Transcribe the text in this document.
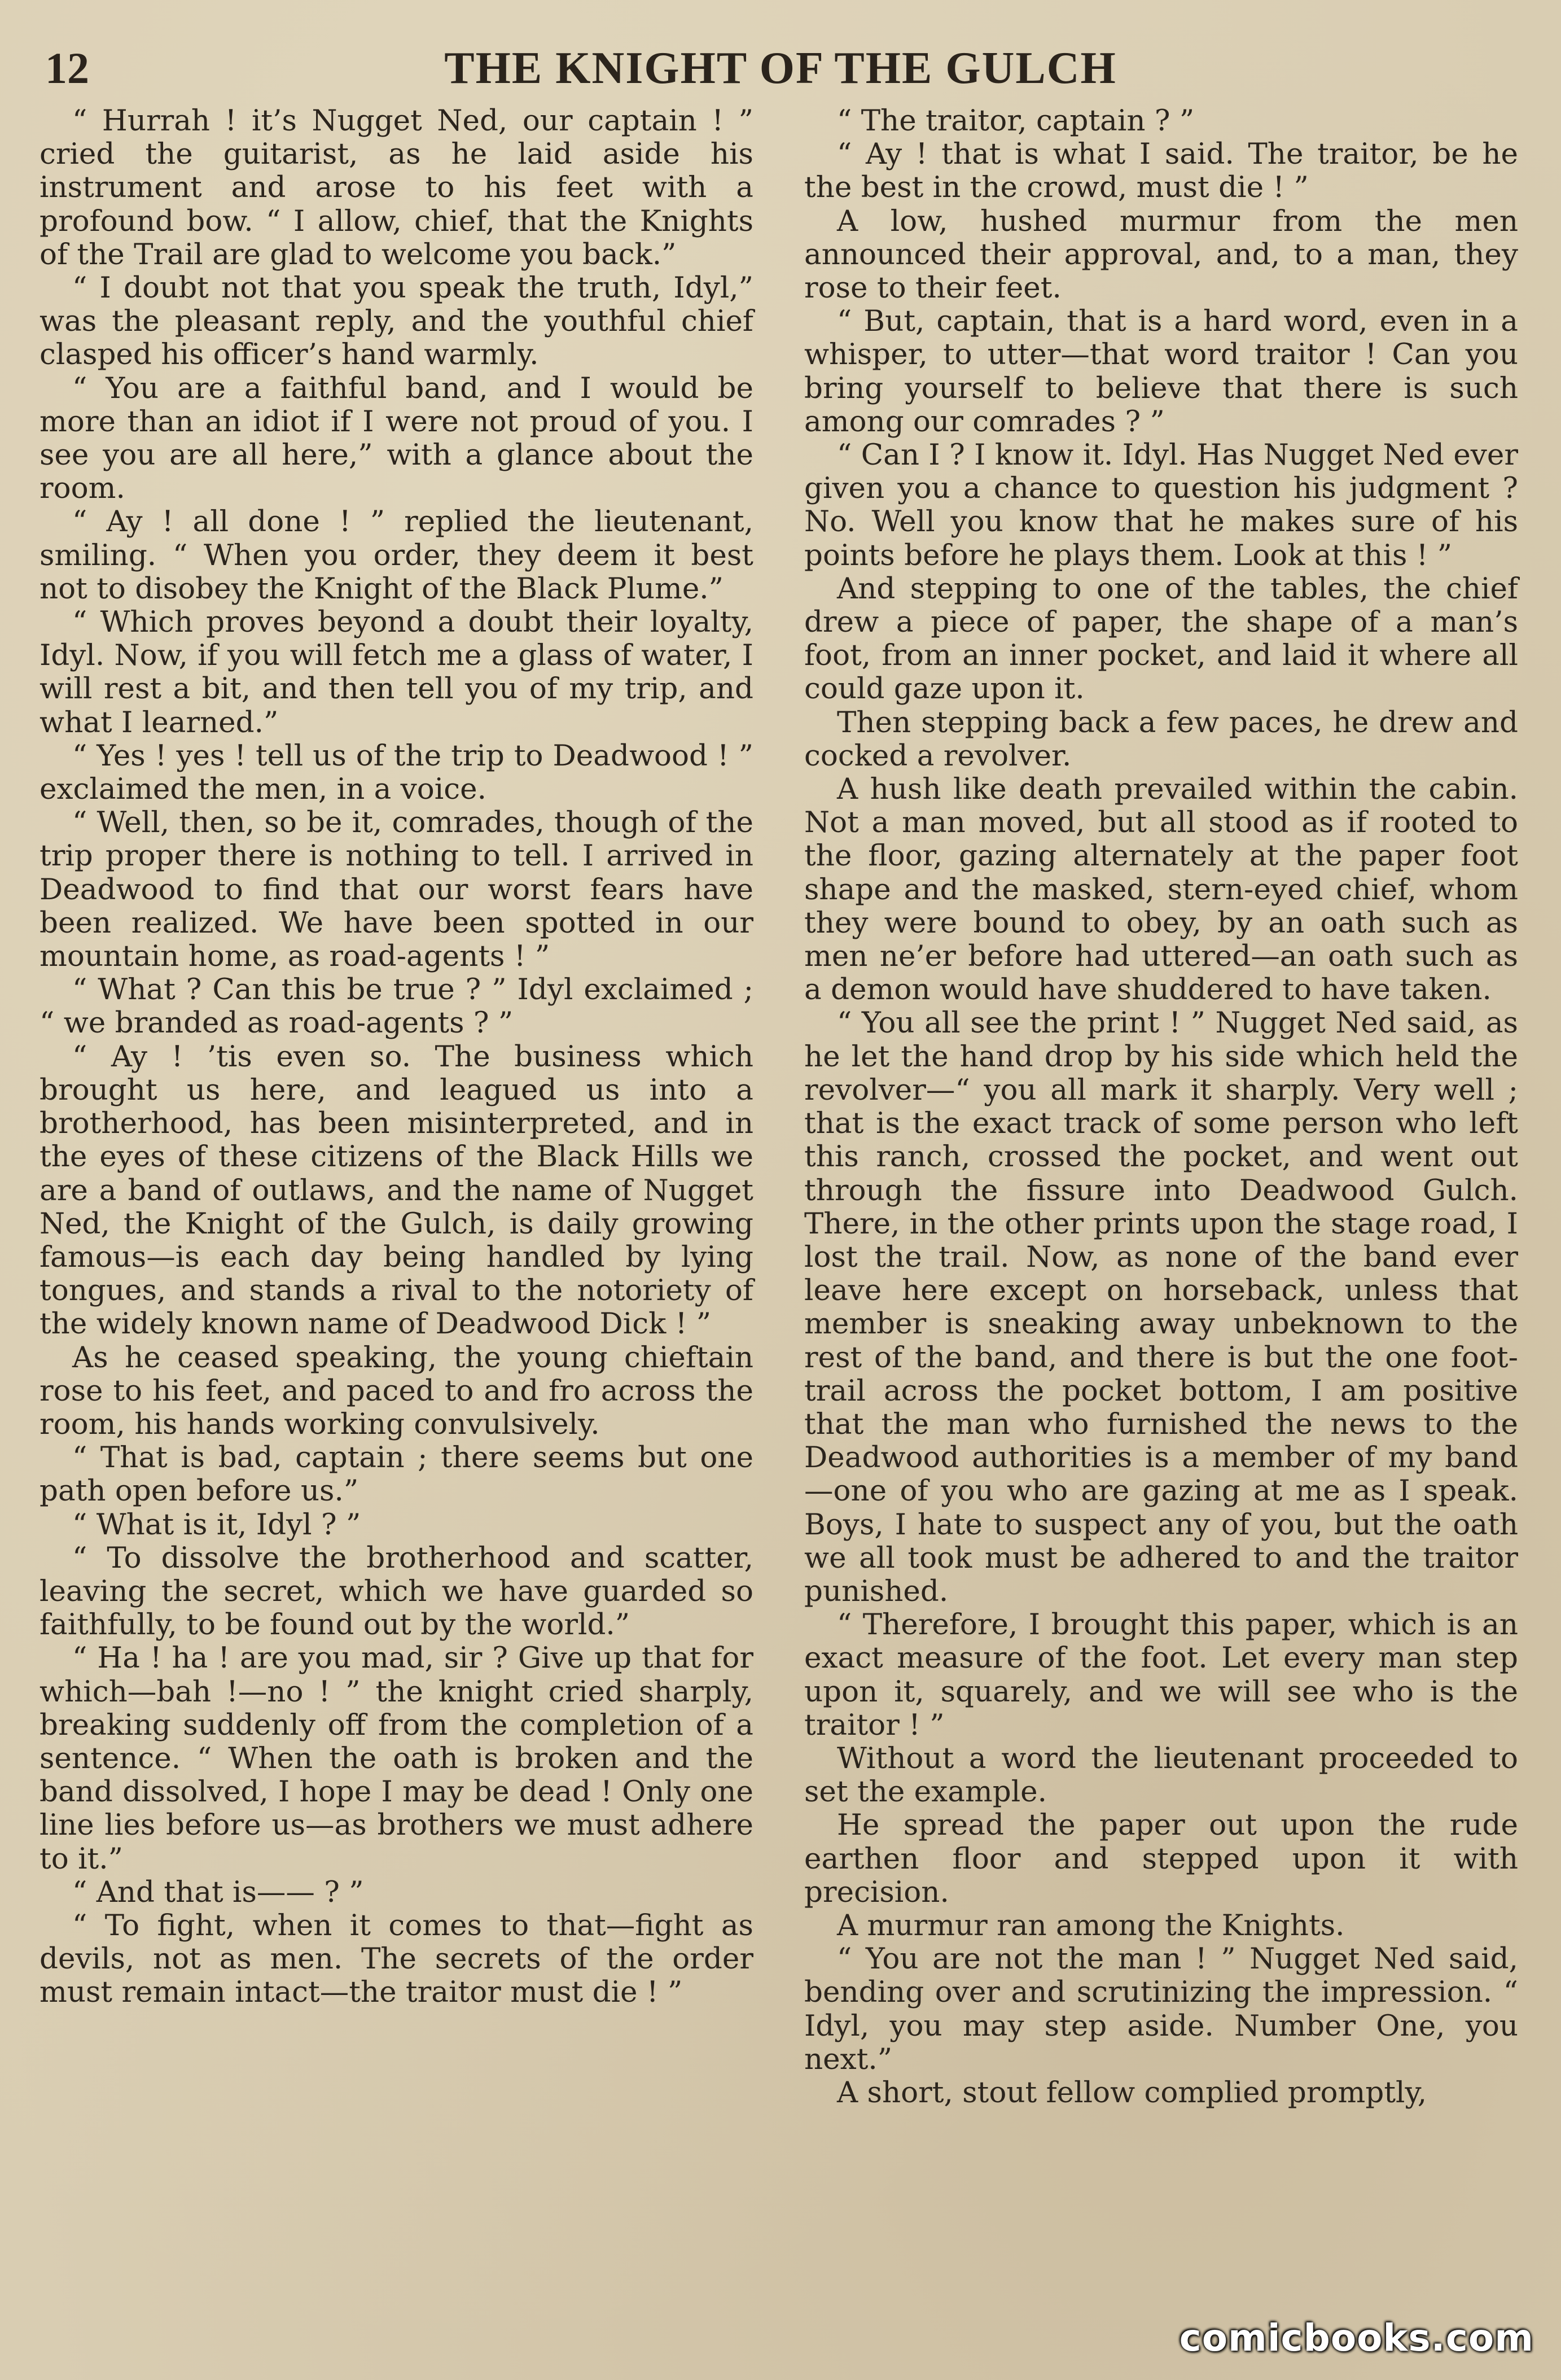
12	THE KNIGHT OF THE GULCH

“ Hurrah ! it’s Nugget Ned, our captain ! ” cried the guitarist, as he laid aside his instrument and arose to his feet with a profound bow. “ I allow, chief, that the Knights of the Trail are glad to welcome you back.”

“ I doubt not that you speak the truth, Idyl,” was the pleasant reply, and the youthful chief clasped his officer’s hand warmly.

“ You are a faithful band, and I would be more than an idiot if I were not proud of you. I see you are all here,” with a glance about the room.

“ Ay ! all done ! ” replied the lieutenant, smiling. “ When you order, they deem it best not to disobey the Knight of the Black Plume.”

“ Which proves beyond a doubt their loyalty, Idyl. Now, if you will fetch me a glass of water, I will rest a bit, and then tell you of my trip, and what I learned.”

“ Yes ! yes ! tell us of the trip to Deadwood ! ” exclaimed the men, in a voice.

“ Well, then, so be it, comrades, though of the trip proper there is nothing to tell. I arrived in Deadwood to find that our worst fears have been realized. We have been spotted in our mountain home, as road-agents ! ”

“ What ? Can this be true ? ” Idyl exclaimed ; “ we branded as road-agents ? ”

“ Ay ! ’tis even so. The business which brought us here, and leagued us into a brotherhood, has been misinterpreted, and in the eyes of these citizens of the Black Hills we are a band of outlaws, and the name of Nugget Ned, the Knight of the Gulch, is daily growing famous—is each day being handled by lying tongues, and stands a rival to the notoriety of the widely known name of Deadwood Dick ! ”

As he ceased speaking, the young chieftain rose to his feet, and paced to and fro across the room, his hands working convulsively.

“ That is bad, captain ; there seems but one path open before us.”

“ What is it, Idyl ? ”

“ To dissolve the brotherhood and scatter, leaving the secret, which we have guarded so faithfully, to be found out by the world.”

“ Ha ! ha ! are you mad, sir ? Give up that for which—bah !—no ! ” the knight cried sharply, breaking suddenly off from the completion of a sentence. “ When the oath is broken and the band dissolved, I hope I may be dead ! Only one line lies before us—as brothers we must adhere to it.”

“ And that is—— ? ”

“ To fight, when it comes to that—fight as devils, not as men. The secrets of the order must remain intact—the traitor must die ! ”

“ The traitor, captain ? ”

“ Ay ! that is what I said. The traitor, be he the best in the crowd, must die ! ”

A low, hushed murmur from the men announced their approval, and, to a man, they rose to their feet.

“ But, captain, that is a hard word, even in a whisper, to utter—that word traitor ! Can you bring yourself to believe that there is such among our comrades ? ”

“ Can I ? I know it. Idyl. Has Nugget Ned ever given you a chance to question his judgment ? No. Well you know that he makes sure of his points before he plays them. Look at this ! ”

And stepping to one of the tables, the chief drew a piece of paper, the shape of a man’s foot, from an inner pocket, and laid it where all could gaze upon it.

Then stepping back a few paces, he drew and cocked a revolver.

A hush like death prevailed within the cabin. Not a man moved, but all stood as if rooted to the floor, gazing alternately at the paper foot shape and the masked, stern-eyed chief, whom they were bound to obey, by an oath such as men ne’er before had uttered—an oath such as a demon would have shuddered to have taken.

“ You all see the print ! ” Nugget Ned said, as he let the hand drop by his side which held the revolver—“ you all mark it sharply. Very well ; that is the exact track of some person who left this ranch, crossed the pocket, and went out through the fissure into Deadwood Gulch. There, in the other prints upon the stage road, I lost the trail. Now, as none of the band ever leave here except on horseback, unless that member is sneaking away unbeknown to the rest of the band, and there is but the one foot-trail across the pocket bottom, I am positive that the man who furnished the news to the Deadwood authorities is a member of my band—one of you who are gazing at me as I speak. Boys, I hate to suspect any of you, but the oath we all took must be adhered to and the traitor punished.

“ Therefore, I brought this paper, which is an exact measure of the foot. Let every man step upon it, squarely, and we will see who is the traitor ! ”

Without a word the lieutenant proceeded to set the example.

He spread the paper out upon the rude earthen floor and stepped upon it with precision.

A murmur ran among the Knights.

“ You are not the man ! ” Nugget Ned said, bending over and scrutinizing the impression. “ Idyl, you may step aside. Number One, you next.”

A short, stout fellow complied promptly,

comicbooks.com
